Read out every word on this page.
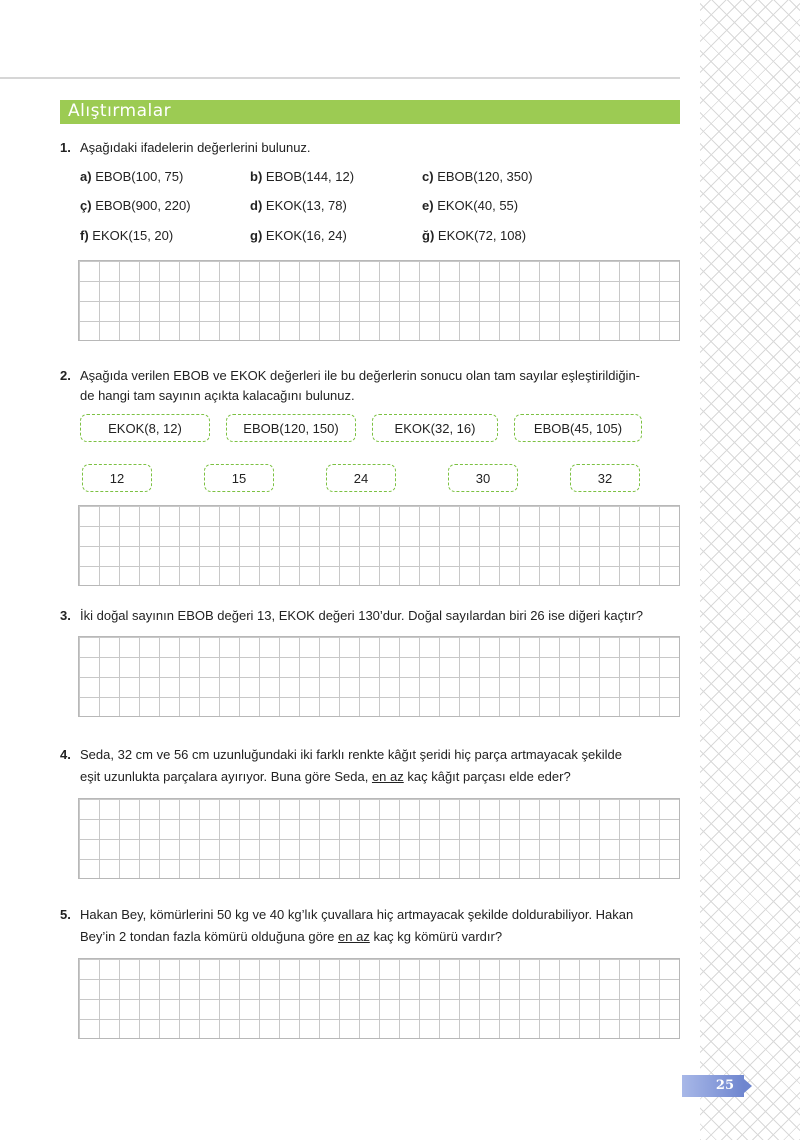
Alıştırmalar
1. Aşağıdaki ifadelerin değerlerini bulunuz.
a) EBOB(100, 75)	b) EBOB(144, 12)	c) EBOB(120, 350)
ç) EBOB(900, 220)	d) EKOK(13, 78)	e) EKOK(40, 55)
f) EKOK(15, 20)	g) EKOK(16, 24)	ğ) EKOK(72, 108)
2. Aşağıda verilen EBOB ve EKOK değerleri ile bu değerlerin sonucu olan tam sayılar eşleştirildiğin-
de hangi tam sayının açıkta kalacağını bulunuz.
EKOK(8, 12)	EBOB(120, 150)	EKOK(32, 16)	EBOB(45, 105)
12	15	24	30	32
3. İki doğal sayının EBOB değeri 13, EKOK değeri 130’dur. Doğal sayılardan biri 26 ise diğeri kaçtır?
4. Seda, 32 cm ve 56 cm uzunluğundaki iki farklı renkte kâğıt şeridi hiç parça artmayacak şekilde
eşit uzunlukta parçalara ayırıyor. Buna göre Seda, en az kaç kâğıt parçası elde eder?
5. Hakan Bey, kömürlerini 50 kg ve 40 kg’lık çuvallara hiç artmayacak şekilde doldurabiliyor. Hakan
Bey’in 2 tondan fazla kömürü olduğuna göre en az kaç kg kömürü vardır?
25
